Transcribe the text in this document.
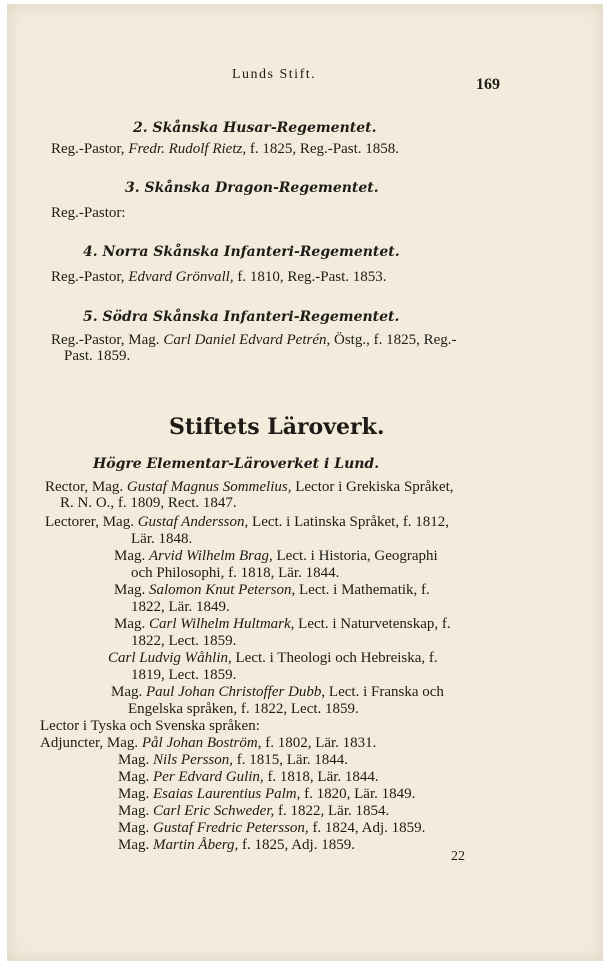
Lunds Stift.
169
2. Skånska Husar-Regementet.
Reg.-Pastor, Fredr. Rudolf Rietz, f. 1825, Reg.-Past. 1858.
3. Skånska Dragon-Regementet.
Reg.-Pastor:
4. Norra Skånska Infanteri-Regementet.
Reg.-Pastor, Edvard Grönvall, f. 1810, Reg.-Past. 1853.
5. Södra Skånska Infanteri-Regementet.
Reg.-Pastor, Mag. Carl Daniel Edvard Petrén, Östg., f. 1825, Reg.-
Past. 1859.
Stiftets Läroverk.
Högre Elementar-Läroverket i Lund.
Rector, Mag. Gustaf Magnus Sommelius, Lector i Grekiska Språket,
R. N. O., f. 1809, Rect. 1847.
Lectorer, Mag. Gustaf Andersson, Lect. i Latinska Språket, f. 1812,
Lär. 1848.
Mag. Arvid Wilhelm Brag, Lect. i Historia, Geographi
och Philosophi, f. 1818, Lär. 1844.
Mag. Salomon Knut Peterson, Lect. i Mathematik, f.
1822, Lär. 1849.
Mag. Carl Wilhelm Hultmark, Lect. i Naturvetenskap, f.
1822, Lect. 1859.
Carl Ludvig Wåhlin, Lect. i Theologi och Hebreiska, f.
1819, Lect. 1859.
Mag. Paul Johan Christoffer Dubb, Lect. i Franska och
Engelska språken, f. 1822, Lect. 1859.
Lector i Tyska och Svenska språken:
Adjuncter, Mag. Pål Johan Boström, f. 1802, Lär. 1831.
Mag. Nils Persson, f. 1815, Lär. 1844.
Mag. Per Edvard Gulin, f. 1818, Lär. 1844.
Mag. Esaias Laurentius Palm, f. 1820, Lär. 1849.
Mag. Carl Eric Schweder, f. 1822, Lär. 1854.
Mag. Gustaf Fredric Petersson, f. 1824, Adj. 1859.
Mag. Martin Åberg, f. 1825, Adj. 1859.
22
